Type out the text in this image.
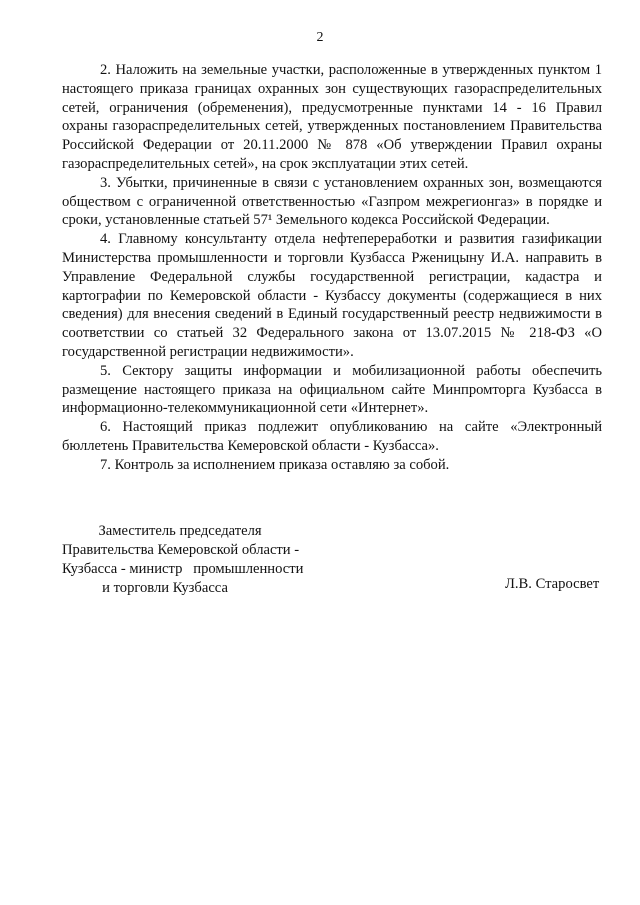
2

2. Наложить на земельные участки, расположенные в утвержденных пунктом 1 настоящего приказа границах охранных зон существующих газораспределительных сетей, ограничения (обременения), предусмотренные пунктами 14 - 16 Правил охраны газораспределительных сетей, утвержденных постановлением Правительства Российской Федерации от 20.11.2000 № 878 «Об утверждении Правил охраны газораспределительных сетей», на срок эксплуатации этих сетей.

3. Убытки, причиненные в связи с установлением охранных зон, возмещаются обществом с ограниченной ответственностью «Газпром межрегионгаз» в порядке и сроки, установленные статьей 57¹ Земельного кодекса Российской Федерации.

4. Главному консультанту отдела нефтепереработки и развития газификации Министерства промышленности и торговли Кузбасса Рженицыну И.А. направить в Управление Федеральной службы государственной регистрации, кадастра и картографии по Кемеровской области - Кузбассу документы (содержащиеся в них сведения) для внесения сведений в Единый государственный реестр недвижимости в соответствии со статьей 32 Федерального закона от 13.07.2015 № 218-ФЗ «О государственной регистрации недвижимости».

5. Сектору защиты информации и мобилизационной работы обеспечить размещение настоящего приказа на официальном сайте Минпромторга Кузбасса в информационно-телекоммуникационной сети «Интернет».

6. Настоящий приказ подлежит опубликованию на сайте «Электронный бюллетень Правительства Кемеровской области - Кузбасса».

7. Контроль за исполнением приказа оставляю за собой.

Заместитель председателя
Правительства Кемеровской области -
Кузбасса - министр   промышленности
и торговли Кузбасса	Л.В. Старосвет
